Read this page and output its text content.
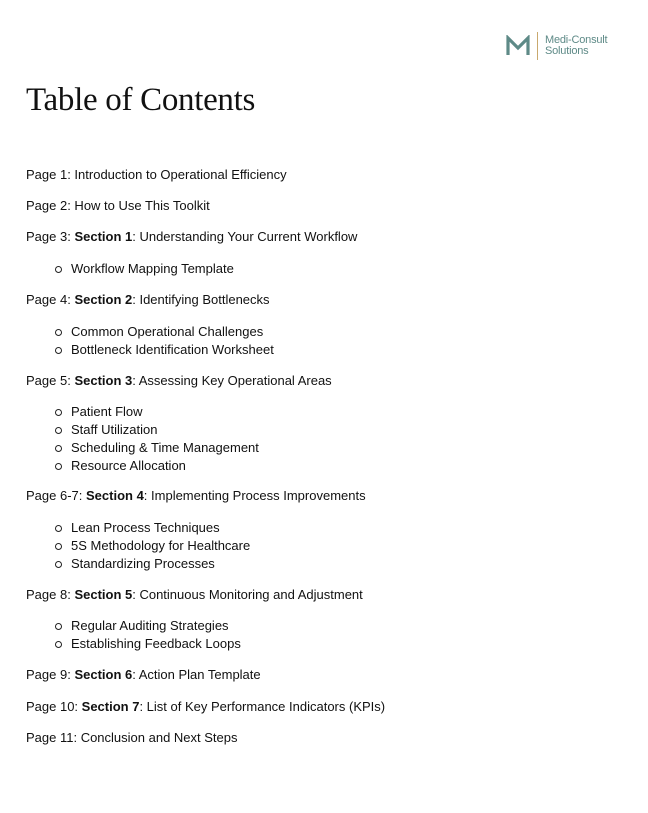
Medi-Consult
Solutions
Table of Contents

Page 1: Introduction to Operational Efficiency

Page 2: How to Use This Toolkit

Page 3: Section 1: Understanding Your Current Workflow

Workflow Mapping Template

Page 4: Section 2: Identifying Bottlenecks

Common Operational Challenges
Bottleneck Identification Worksheet

Page 5: Section 3: Assessing Key Operational Areas

Patient Flow
Staff Utilization
Scheduling & Time Management
Resource Allocation

Page 6-7: Section 4: Implementing Process Improvements

Lean Process Techniques
5S Methodology for Healthcare
Standardizing Processes

Page 8: Section 5: Continuous Monitoring and Adjustment

Regular Auditing Strategies
Establishing Feedback Loops

Page 9: Section 6: Action Plan Template

Page 10: Section 7: List of Key Performance Indicators (KPIs)

Page 11: Conclusion and Next Steps
